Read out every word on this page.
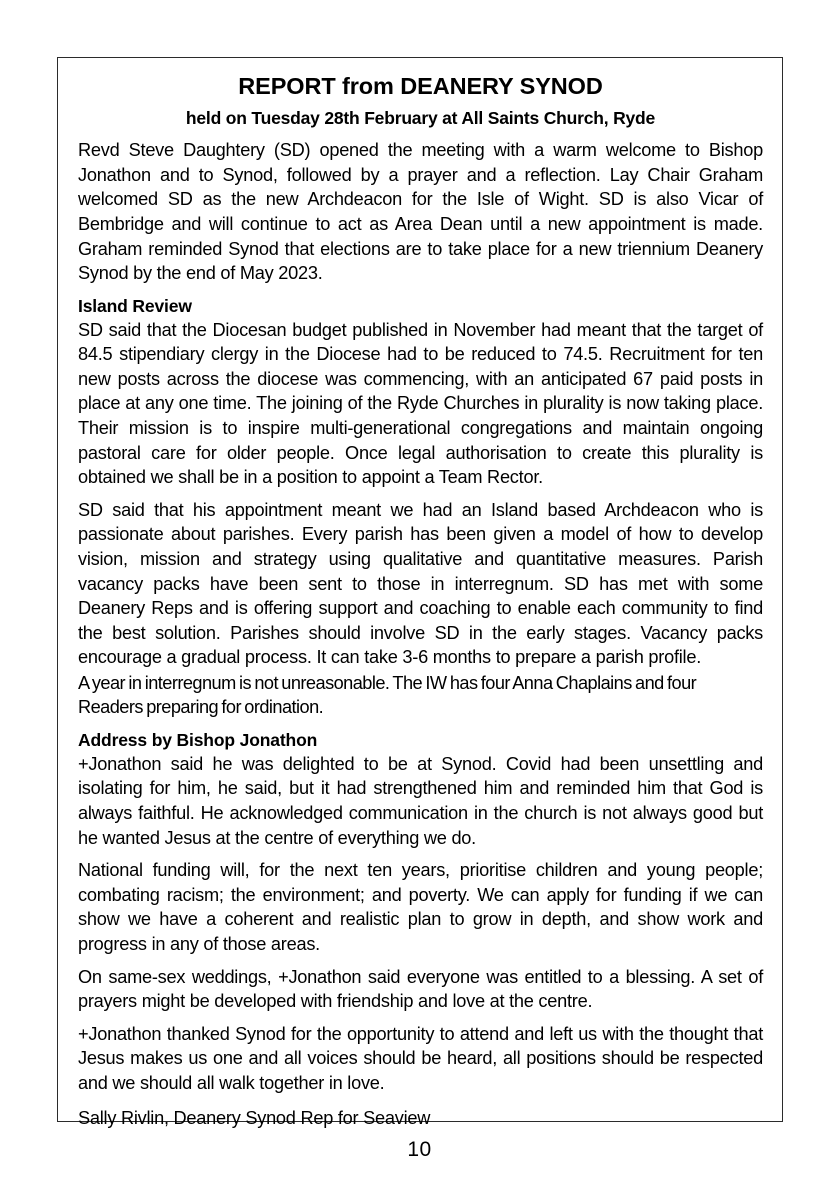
REPORT from DEANERY SYNOD
held on Tuesday 28th February at All Saints Church, Ryde

Revd Steve Daughtery (SD) opened the meeting with a warm welcome to Bishop Jonathon and to Synod, followed by a prayer and a reflection. Lay Chair Graham welcomed SD as the new Archdeacon for the Isle of Wight. SD is also Vicar of Bembridge and will continue to act as Area Dean until a new appointment is made. Graham reminded Synod that elections are to take place for a new triennium Deanery Synod by the end of May 2023.

Island Review

SD said that the Diocesan budget published in November had meant that the target of 84.5 stipendiary clergy in the Diocese had to be reduced to 74.5. Recruitment for ten new posts across the diocese was commencing, with an anticipated 67 paid posts in place at any one time. The joining of the Ryde Churches in plurality is now taking place. Their mission is to inspire multi-generational congregations and maintain ongoing pastoral care for older people. Once legal authorisation to create this plurality is obtained we shall be in a position to appoint a Team Rector.

SD said that his appointment meant we had an Island based Archdeacon who is passionate about parishes. Every parish has been given a model of how to develop vision, mission and strategy using qualitative and quantitative measures. Parish vacancy packs have been sent to those in interregnum. SD has met with some Deanery Reps and is offering support and coaching to enable each community to find the best solution. Parishes should involve SD in the early stages. Vacancy packs encourage a gradual process. It can take 3-6 months to prepare a parish profile.

A year in interregnum is not unreasonable. The IW has four Anna Chaplains and four Readers preparing for ordination.

Address by Bishop Jonathon

+Jonathon said he was delighted to be at Synod. Covid had been unsettling and isolating for him, he said, but it had strengthened him and reminded him that God is always faithful. He acknowledged communication in the church is not always good but he wanted Jesus at the centre of everything we do.

National funding will, for the next ten years, prioritise children and young people; combating racism; the environment; and poverty. We can apply for funding if we can show we have a coherent and realistic plan to grow in depth, and show work and progress in any of those areas.

On same-sex weddings, +Jonathon said everyone was entitled to a blessing. A set of prayers might be developed with friendship and love at the centre.

+Jonathon thanked Synod for the opportunity to attend and left us with the thought that Jesus makes us one and all voices should be heard, all positions should be respected and we should all walk together in love.

Sally Rivlin, Deanery Synod Rep for Seaview

10
